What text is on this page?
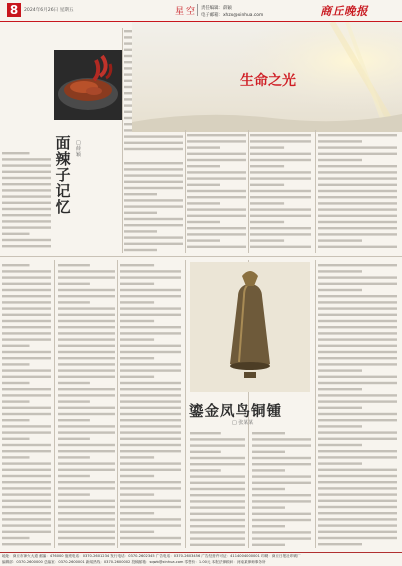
8	2024年6月26日 星期五	星空 责任编辑：薛颖
电子邮箱：xhzx@xinhua.com	商丘晚报
面辣子记忆
□ 薛颖
生命之光
鎏金凤鸟铜锺
□ 张某某
地址：商丘市神火大道 邮编：476000 值班电话：0370-2601234 发行电话：0370-2602345 广告电话：0370-2603456 广告经营许可证：4114004000001 印刷：商丘日报社印刷厂
编辑部：0370-2600000 总编室：0370-2600001 新闻热线：0370-2600002 投稿邮箱：sqwb@xinhua.com 零售价：1.00元 本报法律顾问：河南某律师事务所
